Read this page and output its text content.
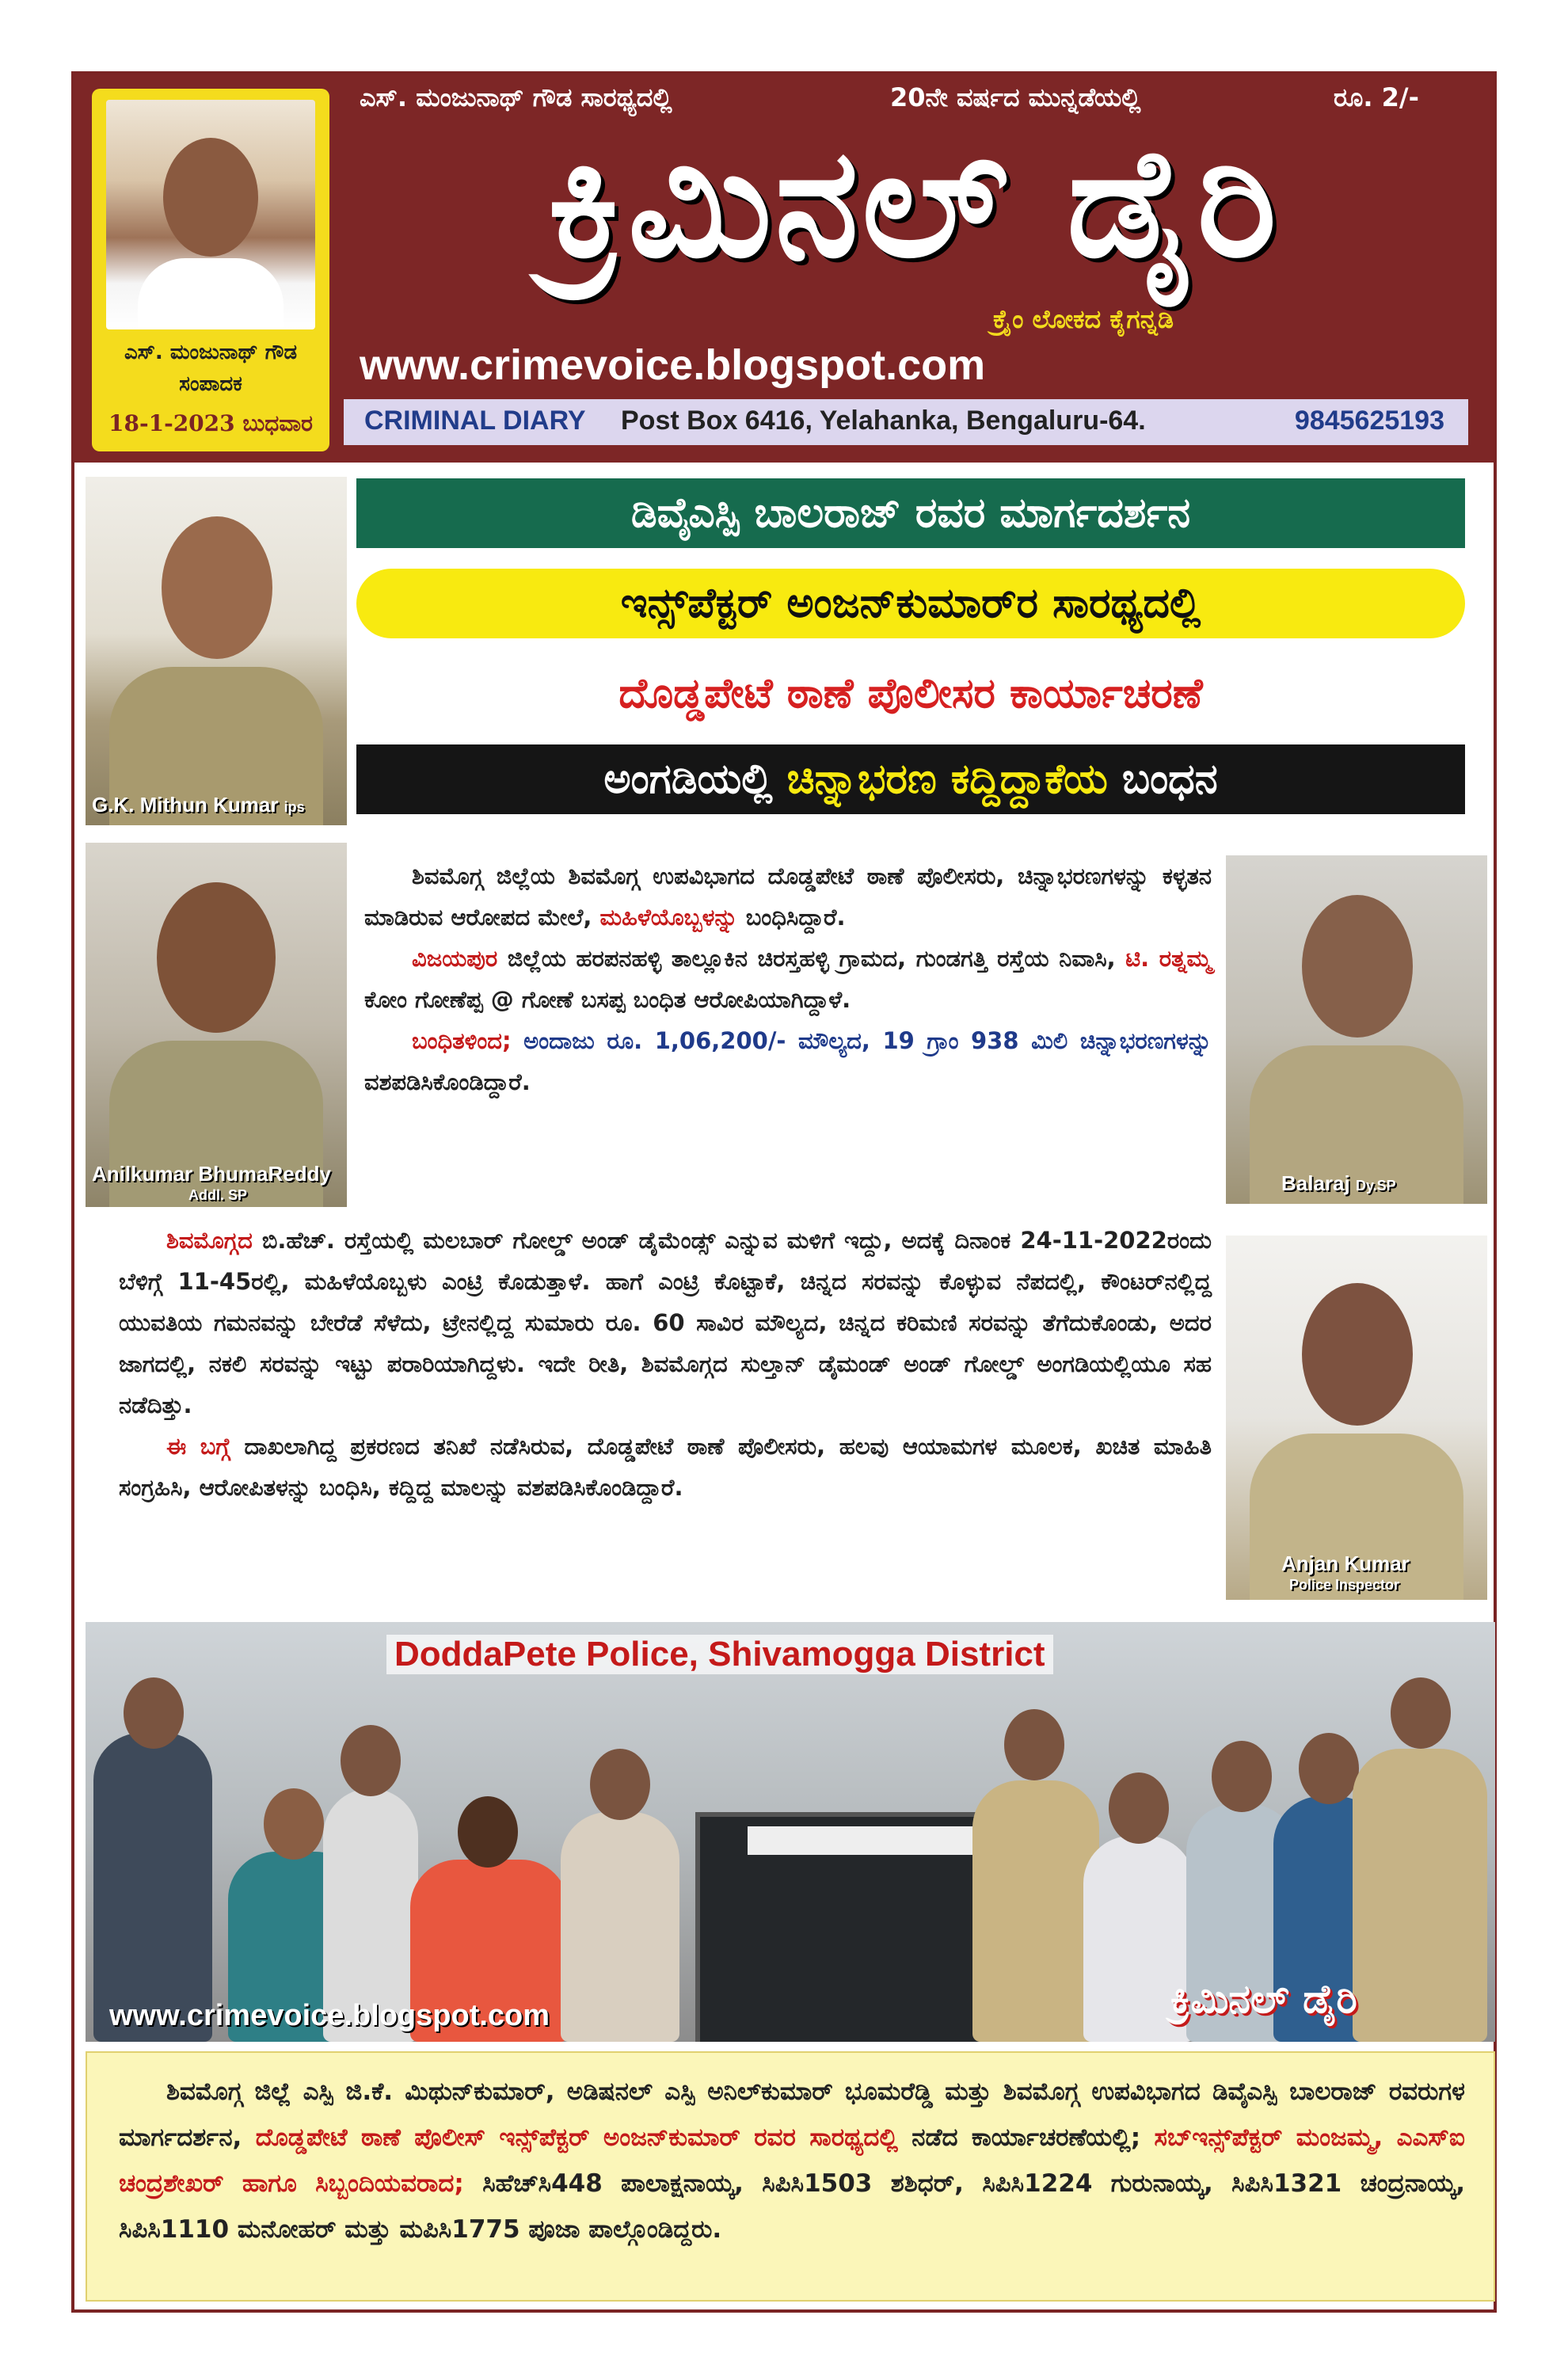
ಎಸ್. ಮಂಜುನಾಥ್ ಗೌಡ
ಸಂಪಾದಕ
18-1-2023 ಬುಧವಾರ
ಎಸ್. ಮಂಜುನಾಥ್ ಗೌಡ ಸಾರಥ್ಯದಲ್ಲಿ	20ನೇ ವರ್ಷದ ಮುನ್ನಡೆಯಲ್ಲಿ	ರೂ. 2/-
ಕ್ರಿಮಿನಲ್ ಡೈರಿ
ಕ್ರೈಂ ಲೋಕದ ಕೈಗನ್ನಡಿ
www.crimevoice.blogspot.com
CRIMINAL DIARY Post Box 6416, Yelahanka, Bengaluru-64.	9845625193
G.K. Mithun Kumar ips
Anilkumar BhumaReddy
Addl. SP	Balaraj Dy.SP
Anjan Kumar
Police Inspector
ಡಿವೈಎಸ್ಪಿ ಬಾಲರಾಜ್ ರವರ ಮಾರ್ಗದರ್ಶನ
ಇನ್ಸ್‌ಪೆಕ್ಟರ್ ಅಂಜನ್‌ಕುಮಾರ್‌ರ ಸಾರಥ್ಯದಲ್ಲಿ
ದೊಡ್ಡಪೇಟೆ ಠಾಣೆ ಪೊಲೀಸರ ಕಾರ್ಯಾಚರಣೆ
ಅಂಗಡಿಯಲ್ಲಿ ಚಿನ್ನಾಭರಣ ಕದ್ದಿದ್ದಾಕೆಯ ಬಂಧನ
ಶಿವಮೊಗ್ಗ ಜಿಲ್ಲೆಯ ಶಿವಮೊಗ್ಗ ಉಪವಿಭಾಗದ ದೊಡ್ಡಪೇಟೆ ಠಾಣೆ ಪೊಲೀಸರು, ಚಿನ್ನಾಭರಣಗಳನ್ನು ಕಳ್ಳತನ ಮಾಡಿರುವ ಆರೋಪದ ಮೇಲೆ, ಮಹಿಳೆಯೊಬ್ಬಳನ್ನು ಬಂಧಿಸಿದ್ದಾರೆ.
ವಿಜಯಪುರ ಜಿಲ್ಲೆಯ ಹರಪನಹಳ್ಳಿ ತಾಲ್ಲೂಕಿನ ಚಿರಸ್ತಹಳ್ಳಿ ಗ್ರಾಮದ, ಗುಂಡಗತ್ತಿ ರಸ್ತೆಯ ನಿವಾಸಿ, ಟಿ. ರತ್ನಮ್ಮ ಕೋಂ ಗೋಣೆಪ್ಪ @ ಗೋಣೆ ಬಸಪ್ಪ ಬಂಧಿತ ಆರೋಪಿಯಾಗಿದ್ದಾಳೆ.
ಬಂಧಿತಳಿಂದ; ಅಂದಾಜು ರೂ. 1,06,200/- ಮೌಲ್ಯದ, 19 ಗ್ರಾಂ 938 ಮಿಲಿ ಚಿನ್ನಾಭರಣಗಳನ್ನು ವಶಪಡಿಸಿಕೊಂಡಿದ್ದಾರೆ.
ಶಿವಮೊಗ್ಗದ ಬಿ.ಹೆಚ್. ರಸ್ತೆಯಲ್ಲಿ ಮಲಬಾರ್ ಗೋಲ್ಡ್ ಅಂಡ್ ಡೈಮೆಂಡ್ಸ್ ಎನ್ನುವ ಮಳಿಗೆ ಇದ್ದು, ಅದಕ್ಕೆ ದಿನಾಂಕ 24-11-2022ರಂದು ಬೆಳಿಗ್ಗೆ 11-45ರಲ್ಲಿ, ಮಹಿಳೆಯೊಬ್ಬಳು ಎಂಟ್ರಿ ಕೊಡುತ್ತಾಳೆ. ಹಾಗೆ ಎಂಟ್ರಿ ಕೊಟ್ಟಾಕೆ, ಚಿನ್ನದ ಸರವನ್ನು ಕೊಳ್ಳುವ ನೆಪದಲ್ಲಿ, ಕೌಂಟರ್‌ನಲ್ಲಿದ್ದ ಯುವತಿಯ ಗಮನವನ್ನು ಬೇರೆಡೆ ಸೆಳೆದು, ಟ್ರೇನಲ್ಲಿದ್ದ ಸುಮಾರು ರೂ. 60 ಸಾವಿರ ಮೌಲ್ಯದ, ಚಿನ್ನದ ಕರಿಮಣಿ ಸರವನ್ನು ತೆಗೆದುಕೊಂಡು, ಅದರ ಜಾಗದಲ್ಲಿ, ನಕಲಿ ಸರವನ್ನು ಇಟ್ಟು ಪರಾರಿಯಾಗಿದ್ದಳು. ಇದೇ ರೀತಿ, ಶಿವಮೊಗ್ಗದ ಸುಲ್ತಾನ್ ಡೈಮಂಡ್ ಅಂಡ್ ಗೋಲ್ಡ್ ಅಂಗಡಿಯಲ್ಲಿಯೂ ಸಹ ನಡೆದಿತ್ತು.
ಈ ಬಗ್ಗೆ ದಾಖಲಾಗಿದ್ದ ಪ್ರಕರಣದ ತನಿಖೆ ನಡೆಸಿರುವ, ದೊಡ್ಡಪೇಟೆ ಠಾಣೆ ಪೊಲೀಸರು, ಹಲವು ಆಯಾಮಗಳ ಮೂಲಕ, ಖಚಿತ ಮಾಹಿತಿ ಸಂಗ್ರಹಿಸಿ, ಆರೋಪಿತಳನ್ನು ಬಂಧಿಸಿ, ಕದ್ದಿದ್ದ ಮಾಲನ್ನು ವಶಪಡಿಸಿಕೊಂಡಿದ್ದಾರೆ.
DoddaPete Police, Shivamogga District
www.crimevoice.blogspot.com	ಕ್ರಿಮಿನಲ್ ಡೈರಿ
ಶಿವಮೊಗ್ಗ ಜಿಲ್ಲೆ ಎಸ್ಪಿ ಜಿ.ಕೆ. ಮಿಥುನ್‌ಕುಮಾರ್, ಅಡಿಷನಲ್ ಎಸ್ಪಿ ಅನಿಲ್‌ಕುಮಾರ್ ಭೂಮರೆಡ್ಡಿ ಮತ್ತು ಶಿವಮೊಗ್ಗ ಉಪವಿಭಾಗದ ಡಿವೈಎಸ್ಪಿ ಬಾಲರಾಜ್ ರವರುಗಳ ಮಾರ್ಗದರ್ಶನ, ದೊಡ್ಡಪೇಟೆ ಠಾಣೆ ಪೊಲೀಸ್ ಇನ್ಸ್‌ಪೆಕ್ಟರ್ ಅಂಜನ್‌ಕುಮಾರ್ ರವರ ಸಾರಥ್ಯದಲ್ಲಿ ನಡೆದ ಕಾರ್ಯಾಚರಣೆಯಲ್ಲಿ; ಸಬ್‌ಇನ್ಸ್‌ಪೆಕ್ಟರ್ ಮಂಜಮ್ಮ, ಎಎಸ್‌ಐ ಚಂದ್ರಶೇಖರ್ ಹಾಗೂ ಸಿಬ್ಬಂದಿಯವರಾದ; ಸಿಹೆಚ್‌ಸಿ448 ಪಾಲಾಕ್ಷನಾಯ್ಕ, ಸಿಪಿಸಿ1503 ಶಶಿಧರ್, ಸಿಪಿಸಿ1224 ಗುರುನಾಯ್ಕ, ಸಿಪಿಸಿ1321 ಚಂದ್ರನಾಯ್ಕ, ಸಿಪಿಸಿ1110 ಮನೋಹರ್ ಮತ್ತು ಮಪಿಸಿ1775 ಪೂಜಾ ಪಾಲ್ಗೊಂಡಿದ್ದರು.
